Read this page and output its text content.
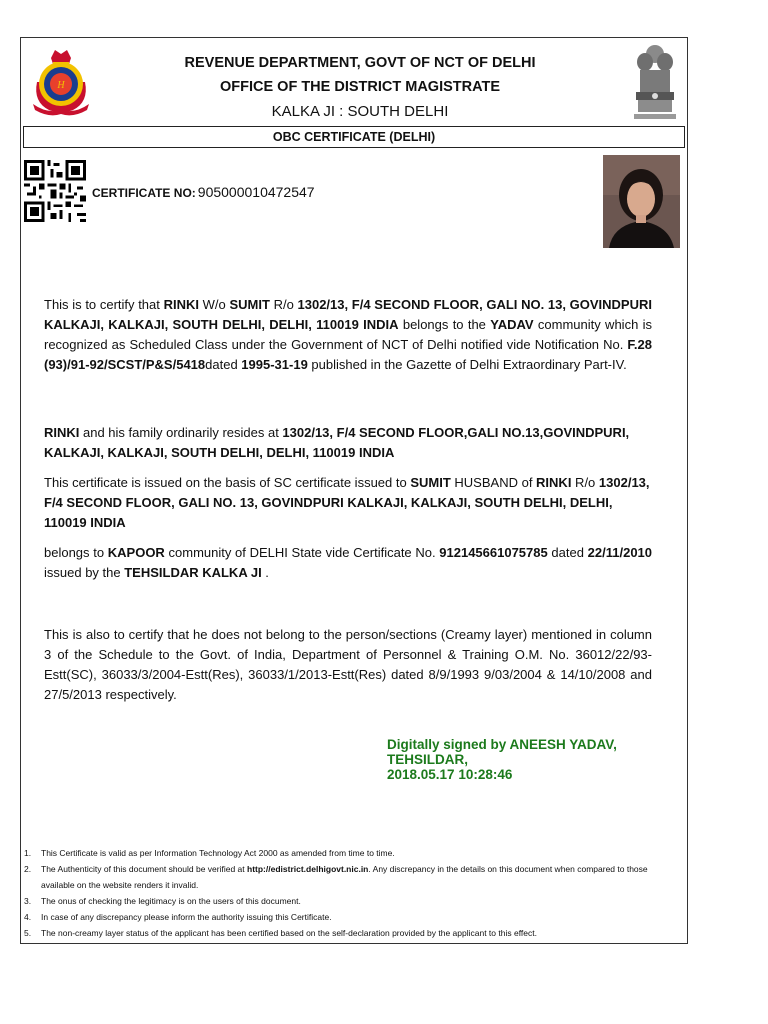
H
REVENUE DEPARTMENT, GOVT OF NCT OF DELHI
OFFICE OF THE DISTRICT MAGISTRATE
KALKA JI : SOUTH DELHI
OBC CERTIFICATE (DELHI)
CERTIFICATE NO: 905000010472547
This is to certify that RINKI W/o SUMIT R/o 1302/13, F/4 SECOND FLOOR, GALI NO. 13, GOVINDPURI KALKAJI, KALKAJI, SOUTH DELHI, DELHI, 110019 INDIA belongs to the YADAV community which is recognized as Scheduled Class under the Government of NCT of Delhi notified vide Notification No. F.28 (93)/91-92/SCST/P&S/5418dated 1995-31-19 published in the Gazette of Delhi Extraordinary Part-IV.
RINKI and his family ordinarily resides at 1302/13, F/4 SECOND FLOOR,GALI NO.13,GOVINDPURI, KALKAJI, KALKAJI, SOUTH DELHI, DELHI, 110019 INDIA
This certificate is issued on the basis of SC certificate issued to SUMIT HUSBAND of RINKI R/o 1302/13, F/4 SECOND FLOOR, GALI NO. 13, GOVINDPURI KALKAJI, KALKAJI, SOUTH DELHI, DELHI, 110019 INDIA
belongs to KAPOOR community of DELHI State vide Certificate No. 912145661075785 dated 22/11/2010 issued by the TEHSILDAR KALKA JI .
This is also to certify that he does not belong to the person/sections (Creamy layer) mentioned in column 3 of the Schedule to the Govt. of India, Department of Personnel & Training O.M. No. 36012/22/93-Estt(SC), 36033/3/2004-Estt(Res), 36033/1/2013-Estt(Res) dated 8/9/1993 9/03/2004 & 14/10/2008 and 27/5/2013 respectively.
Digitally signed by ANEESH YADAV,
TEHSILDAR,
2018.05.17 10:28:46
1. This Certificate is valid as per Information Technology Act 2000 as amended from time to time.
2. The Authenticity of this document should be verified at http://edistrict.delhigovt.nic.in. Any discrepancy in the details on this document when compared to those available on the website renders it invalid.
3. The onus of checking the legitimacy is on the users of this document.
4. In case of any discrepancy please inform the authority issuing this Certificate.
5. The non-creamy layer status of the applicant has been certified based on the self-declaration provided by the applicant to this effect.
